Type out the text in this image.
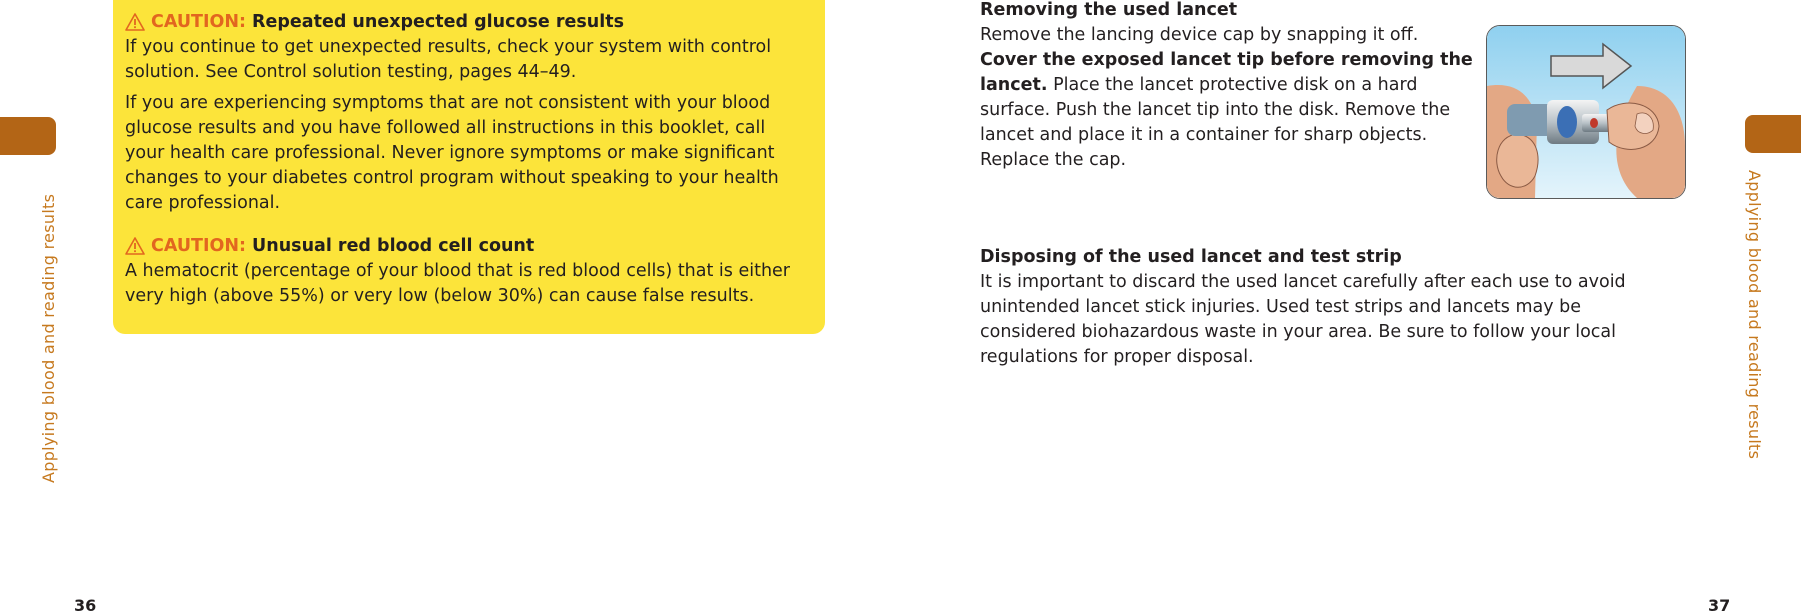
Applying blood and reading results
36
CAUTION: Repeated unexpected glucose results

If you continue to get unexpected results, check your system with control solution. See Control solution testing, pages 44–49.

If you are experiencing symptoms that are not consistent with your blood glucose results and you have followed all instructions in this booklet, call your health care professional. Never ignore symptoms or make significant changes to your diabetes control program without speaking to your health care professional.

CAUTION: Unusual red blood cell count

A hematocrit (percentage of your blood that is red blood cells) that is either very high (above 55%) or very low (below 30%) can cause false results.

Removing the used lancet

Remove the lancing device cap by snapping it off. Cover the exposed lancet tip before removing the lancet. Place the lancet protective disk on a hard surface. Push the lancet tip into the disk. Remove the lancet and place it in a container for sharp objects. Replace the cap.

Disposing of the used lancet and test strip

It is important to discard the used lancet carefully after each use to avoid unintended lancet stick injuries. Used test strips and lancets may be considered biohazardous waste in your area. Be sure to follow your local regulations for proper disposal.	Applying blood and reading results
37
